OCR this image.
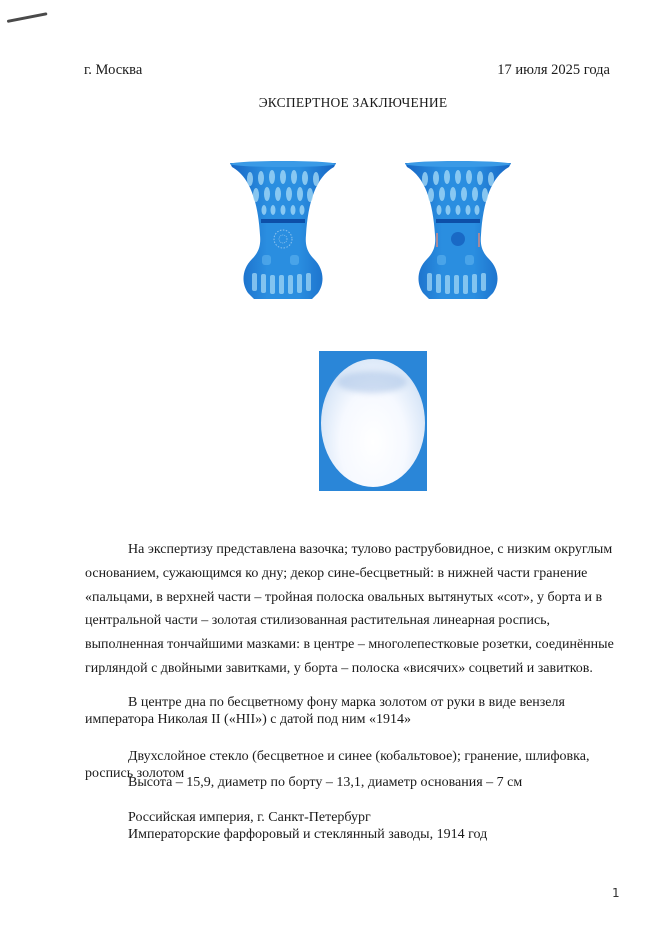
г. Москва	17 июля 2025 года
ЭКСПЕРТНОЕ ЗАКЛЮЧЕНИЕ
На экспертизу представлена вазочка; тулово раструбовидное, с низким округлым основанием, сужающимся ко дну; декор сине-бесцветный: в нижней части гранение «пальцами, в верхней части – тройная полоска овальных вытянутых «сот», у борта и в центральной части – золотая стилизованная растительная линеарная роспись, выполненная тончайшими мазками: в центре – многолепестковые розетки, соединённые гирляндой с двойными завитками, у борта – полоска «висячих» соцветий и завитков.
В центре дна по бесцветному фону марка золотом от руки в виде вензеля императора Николая II («НII») с датой под ним «1914»
Двухслойное стекло (бесцветное и синее (кобальтовое); гранение, шлифовка, роспись золотом
Высота – 15,9, диаметр по борту – 13,1, диаметр основания – 7 см
Российская империя, г. Санкт-Петербург
Императорские фарфоровый и стеклянный заводы, 1914 год
1
